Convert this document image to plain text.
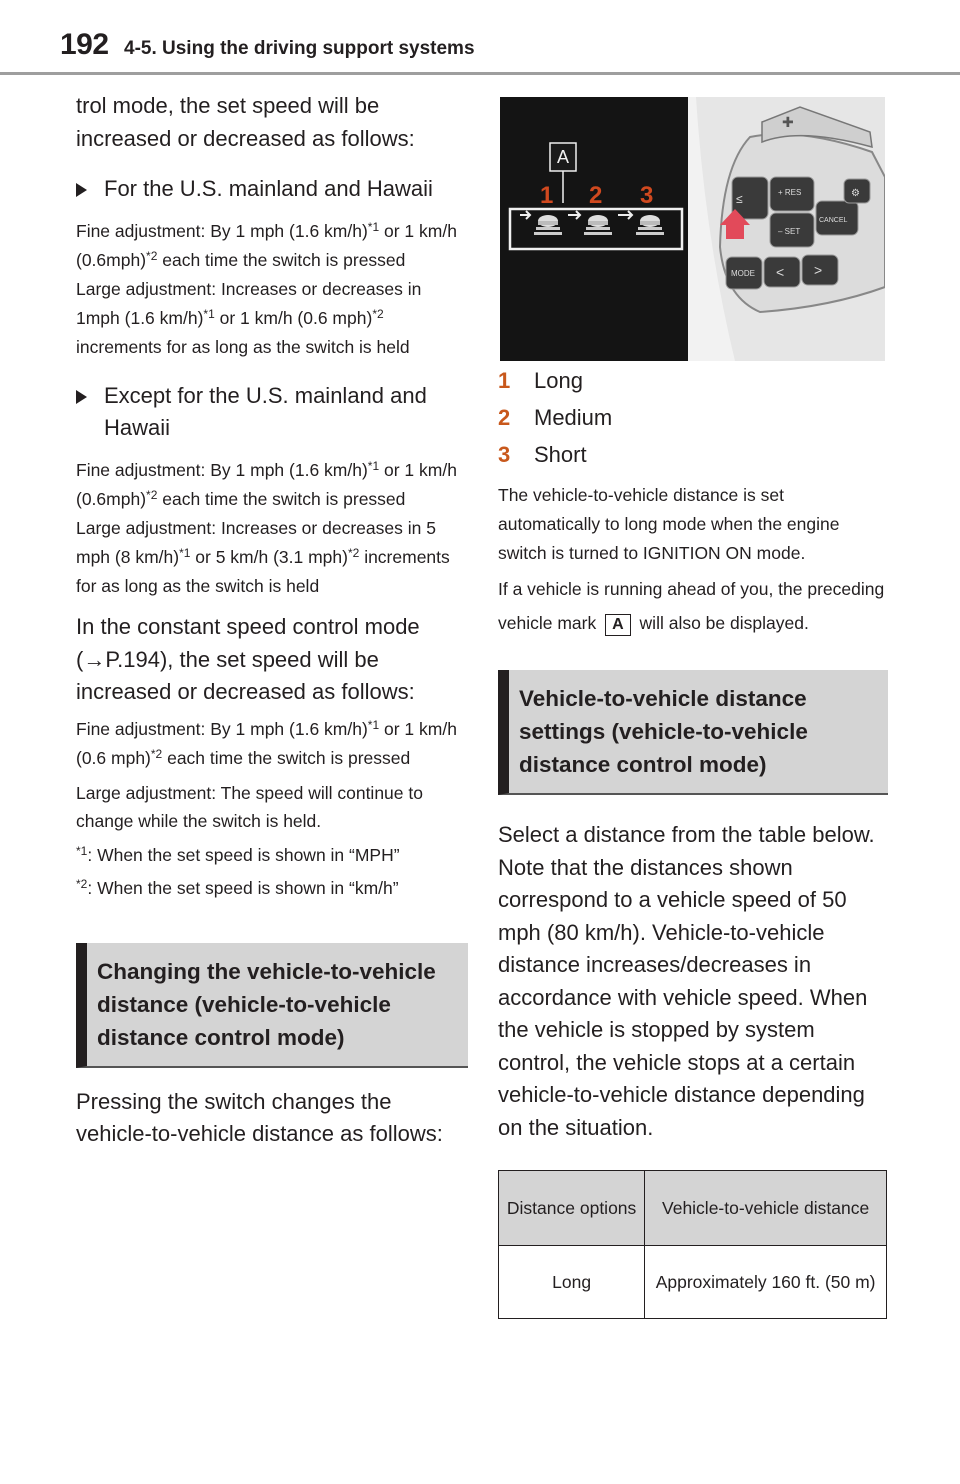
192 4-5. Using the driving support systems

trol mode, the set speed will be increased or decreased as follows:

For the U.S. mainland and Hawaii

Fine adjustment: By 1 mph (1.6 km/h)$^{*1}$ or 1 km/h $(0.6mph)^{*2}$ each time the switch is pressed

Large adjustment: Increases or decreases in 1mph (1.6 km/h)$^{*1}$ or 1 km/h (0.6 mph)$^{*2}$ increments for as long as the switch is held

Except for the U.S. mainland and Hawaii

Fine adjustment: By 1 mph (1.6 km/h)$^{*1}$ or 1 km/h $(0.6mph)^{*2}$ each time the switch is pressed

Large adjustment: Increases or decreases in 5 mph (8 km/h)$^{*1}$ or 5 km/h (3.1 mph)$^{*2}$ increments for as long as the switch is held

In the constant speed control mode (→P.194), the set speed will be increased or decreased as follows:

Fine adjustment: By 1 mph (1.6 km/h)$^{*1}$ or 1 km/h (0.6 mph)$^{*2}$ each time the switch is pressed

Large adjustment: The speed will continue to change while the switch is held.

$^{*1}$: When the set speed is shown in “MPH”

$^{*2}$: When the set speed is shown in “km/h”

Changing the vehicle-to-vehicle distance (vehicle-to-vehicle distance control mode)

Pressing the switch changes the vehicle-to-vehicle distance as follows:

✚
≤	+ RES
CANCEL
– SET
MODE < >
⚙
A
1 2 3
1 Long
2 Medium
3 Short

The vehicle-to-vehicle distance is set automatically to long mode when the engine switch is turned to IGNITION ON mode.

If a vehicle is running ahead of you, the preceding vehicle mark A will also be displayed.

Vehicle-to-vehicle distance settings (vehicle-to-vehicle distance control mode)

Select a distance from the table below. Note that the distances shown correspond to a vehicle speed of 50 mph (80 km/h). Vehicle-to-vehicle distance increases/decreases in accordance with vehicle speed. When the vehicle is stopped by system control, the vehicle stops at a certain vehicle-to-vehicle distance depending on the situation.

Distance options	Vehicle-to-vehicle distance
Long	Approximately 160 ft. (50 m)
